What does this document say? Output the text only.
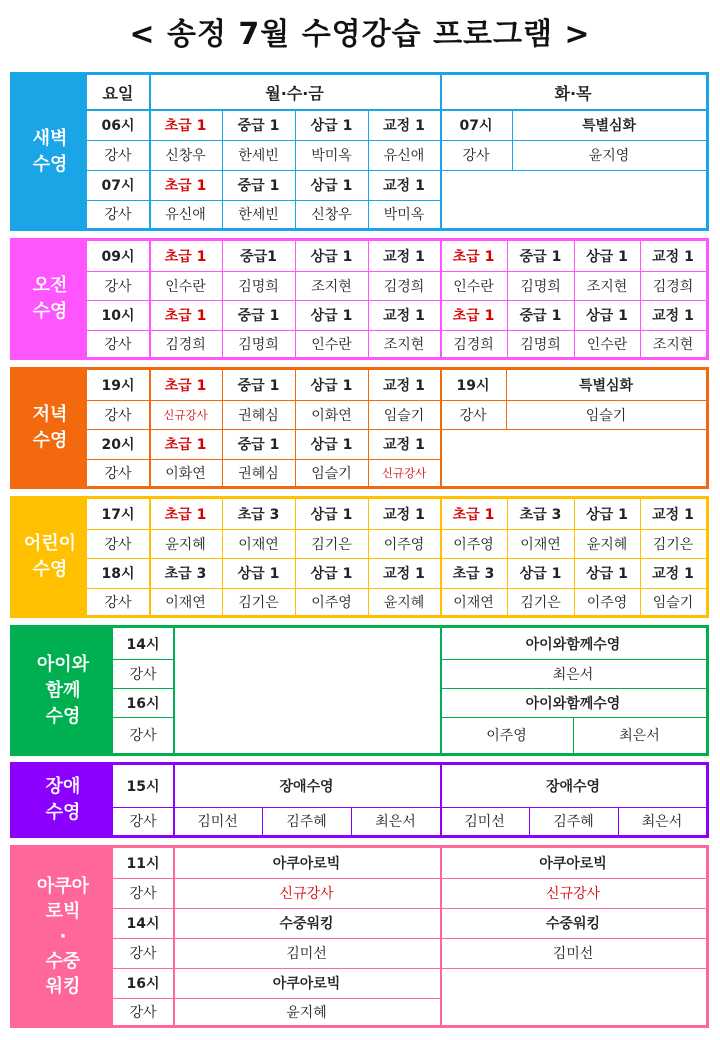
< 송정 7월 수영강습 프로그램 >
새벽
수영
요일	월·수·금	화·목
06시	초급 1	중급 1	상급 1	교정 1	07시	특별심화
강사	신창우	한세빈	박미옥	유신애	강사	윤지영
07시	초급 1	중급 1	상급 1	교정 1
강사	유신애	한세빈	신창우	박미옥
오전
수영
09시	초급 1	중급1	상급 1	교정 1	초급 1	중급 1	상급 1	교정 1
강사	인수란	김명희	조지현	김경희	인수란	김명희	조지현	김경희
10시	초급 1	중급 1	상급 1	교정 1	초급 1	중급 1	상급 1	교정 1
강사	김경희	김명희	인수란	조지현	김경희	김명희	인수란	조지현
저녁
수영
19시	초급 1	중급 1	상급 1	교정 1	19시	특별심화
강사	신규강사	권혜심	이화연	임슬기	강사	임슬기
20시	초급 1	중급 1	상급 1	교정 1
강사	이화연	권혜심	임슬기	신규강사
어린이
수영
17시	초급 1	초급 3	상급 1	교정 1	초급 1	초급 3	상급 1	교정 1
강사	윤지혜	이재연	김기은	이주영	이주영	이재연	윤지혜	김기은
18시	초급 3	상급 1	상급 1	교정 1	초급 3	상급 1	상급 1	교정 1
강사	이재연	김기은	이주영	윤지혜	이재연	김기은	이주영	임슬기
아이와
함께
수영
14시	아이와함께수영
강사	최은서
16시	아이와함께수영
강사	이주영	최은서
장애
수영
15시	장애수영	장애수영
강사	김미선	김주혜	최은서	김미선	김주혜	최은서
아쿠아
로빅
·
수중
워킹
11시	아쿠아로빅	아쿠아로빅
강사	신규강사	신규강사
14시	수중워킹	수중워킹
강사	김미선	김미선
16시	아쿠아로빅
강사	윤지혜
